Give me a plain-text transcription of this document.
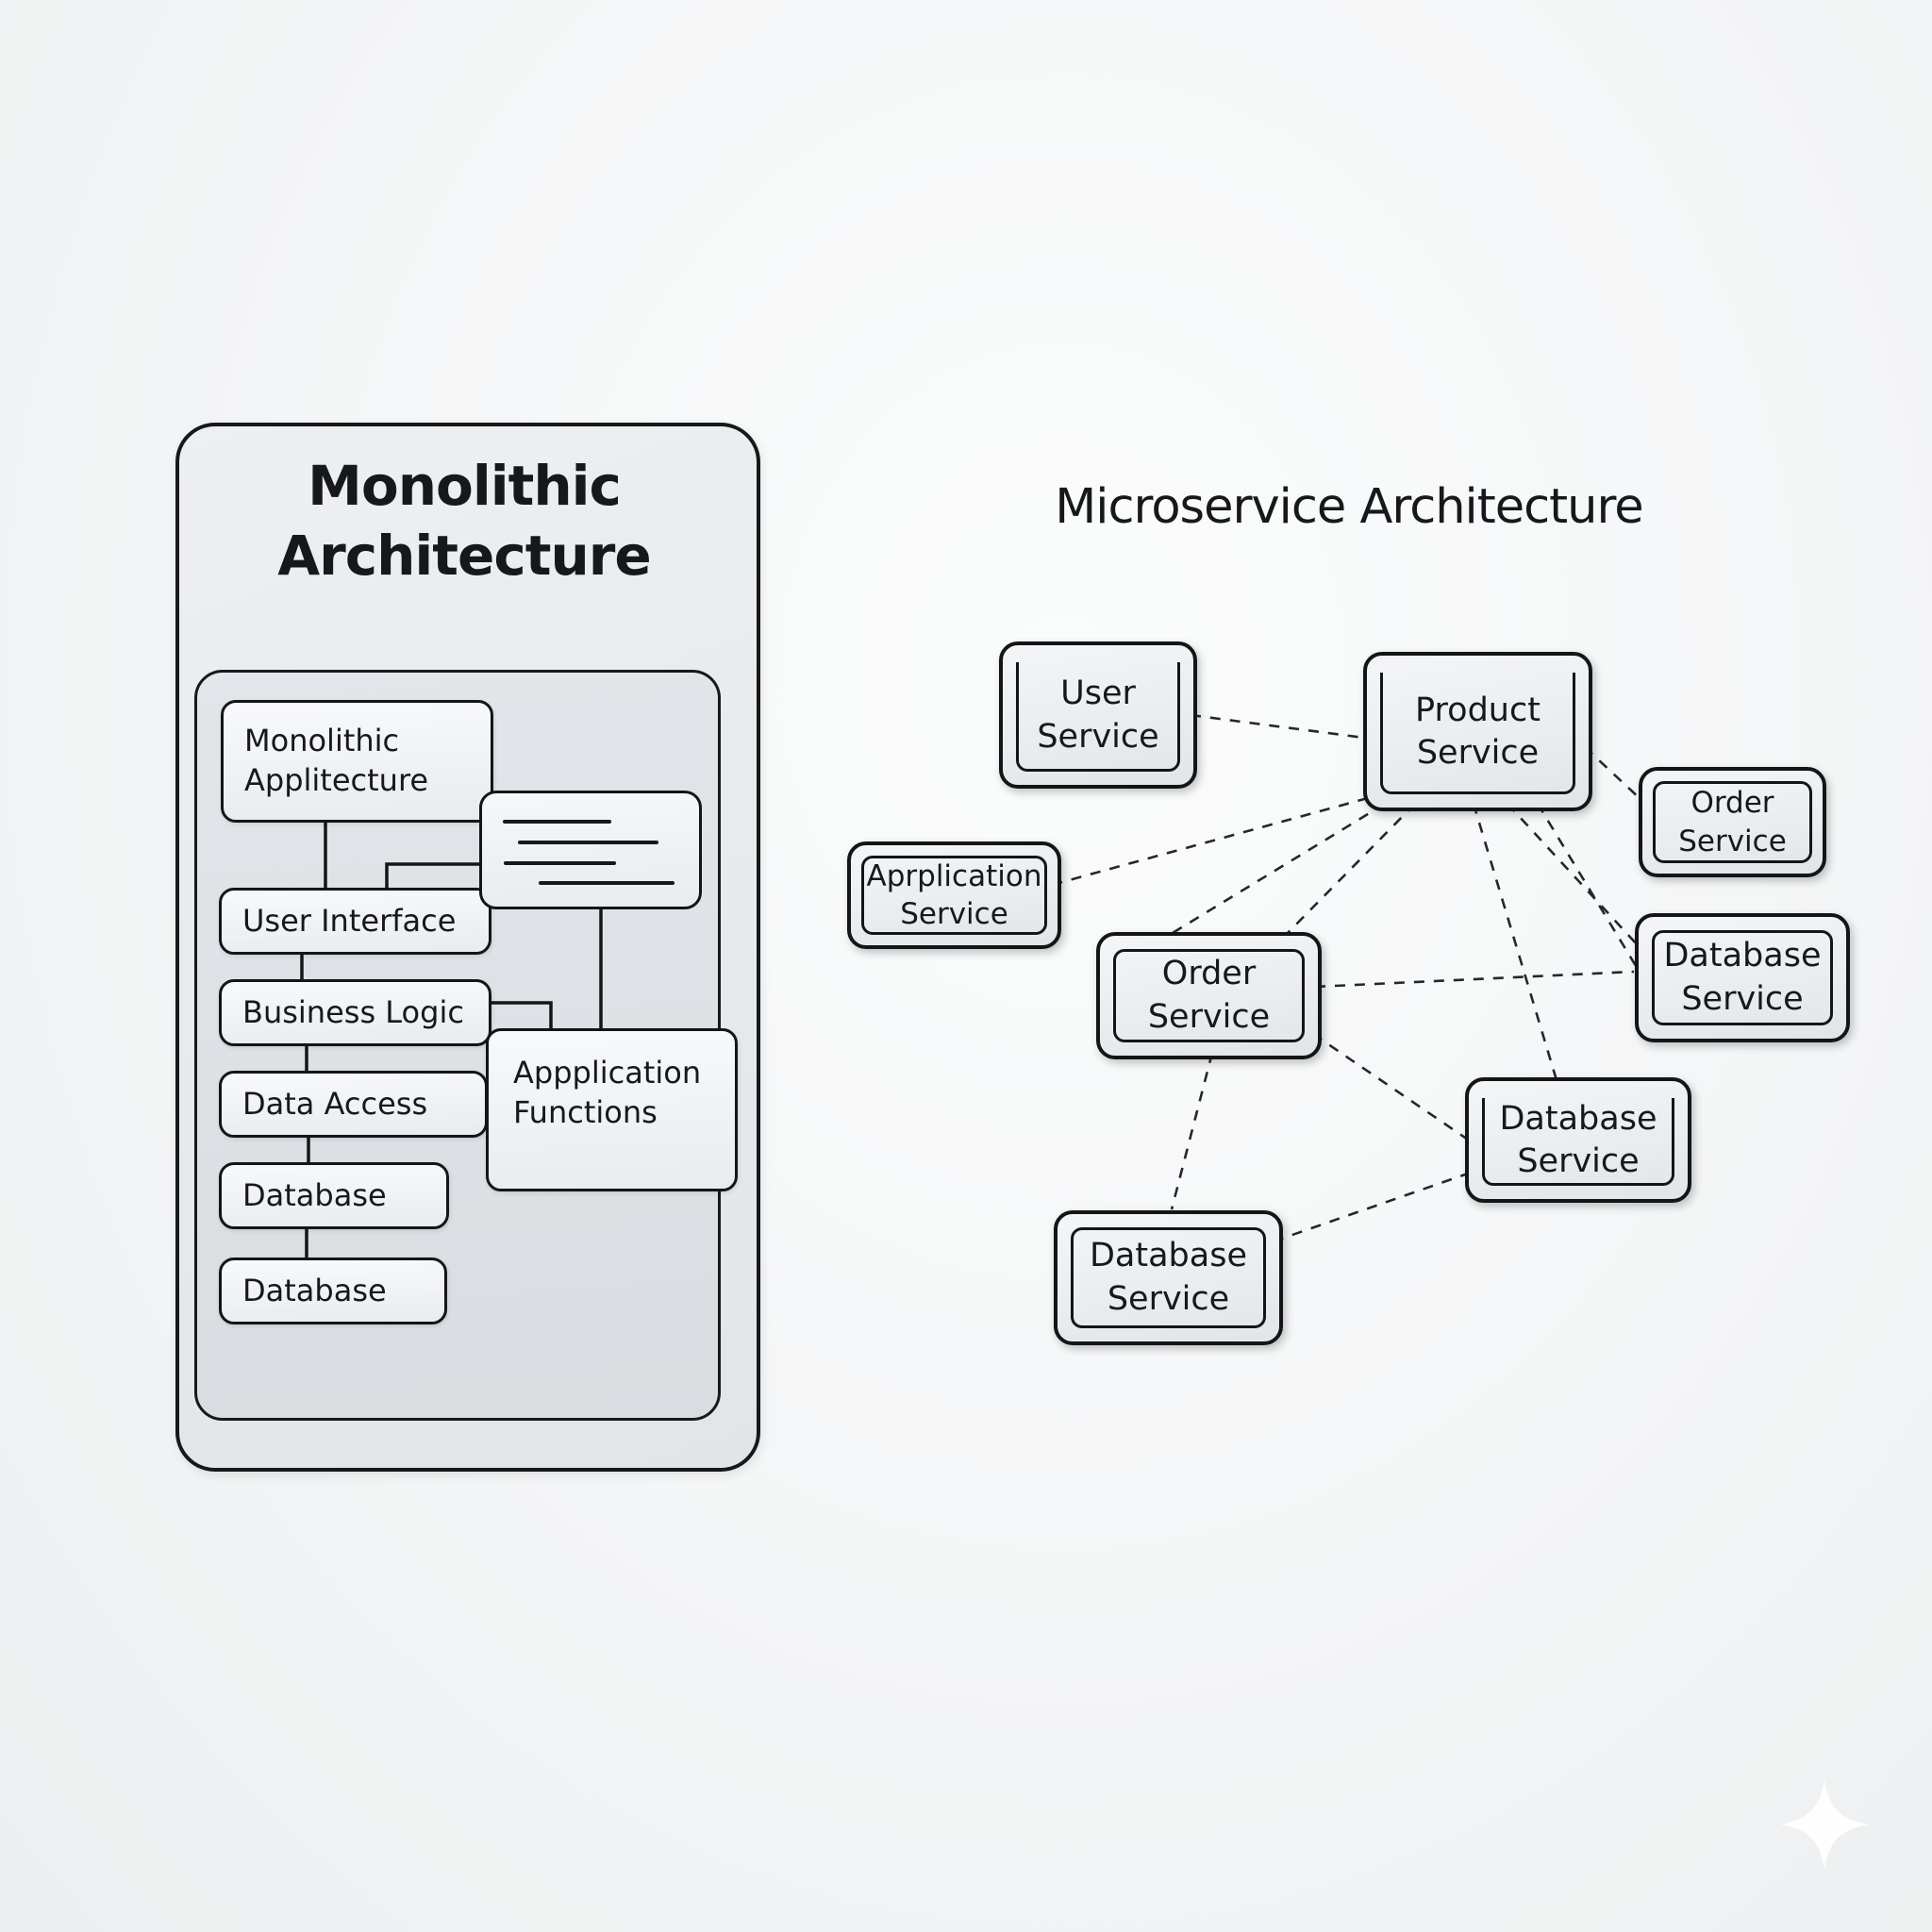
Monolithic Architecture
Monolithic Applitecture
User Interface
Business Logic
Data Access
Database
Database
Appplication Functions
Microservice Architecture
User Service
Product Service
Order Service
Aprplication Service
Order Service
Database Service
Database Service
Database Service
